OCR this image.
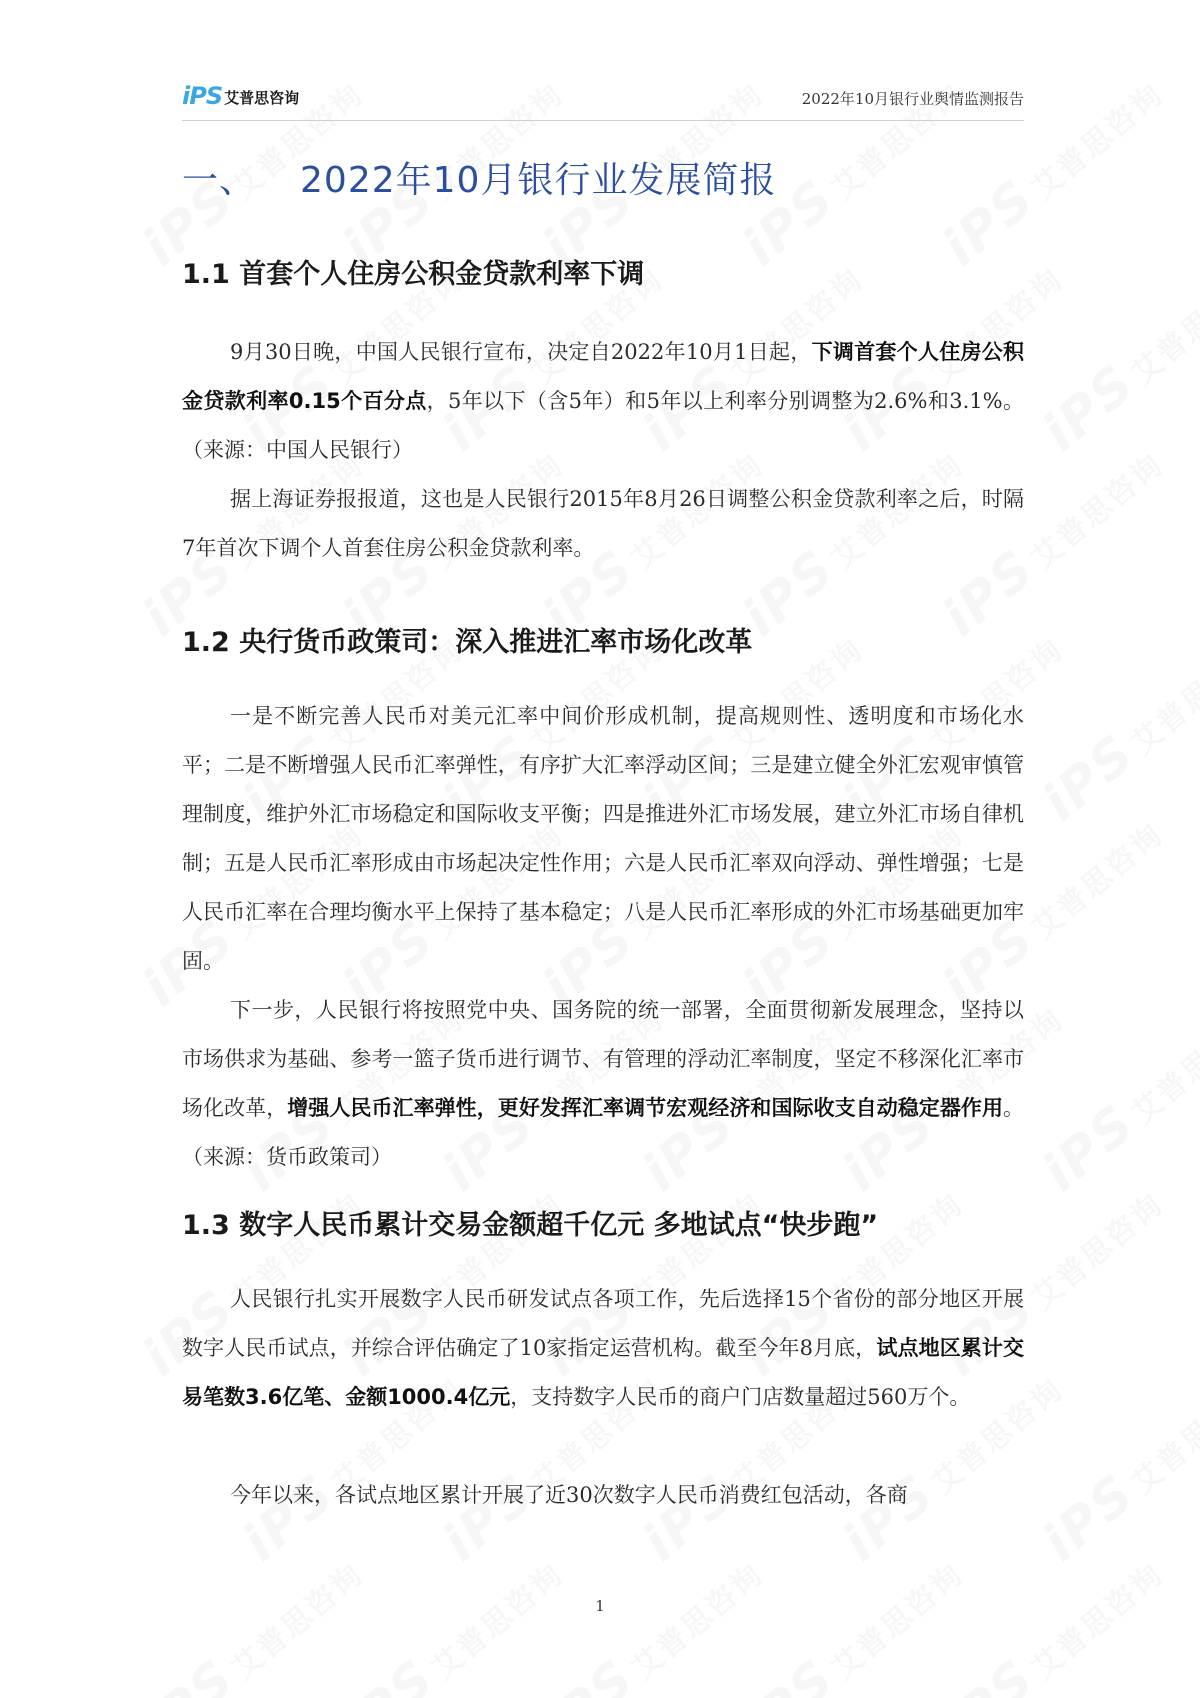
iPS 艾普思咨询	2022年10月银行业舆情监测报告
一、 2022年10月银行业发展简报
1.1 首套个人住房公积金贷款利率下调

9月30日晚，中国人民银行宣布，决定自2022年10月1日起，下调首套个人住房公积金贷款利率0.15个百分点，5年以下（含5年）和5年以上利率分别调整为2.6%和3.1%。（来源：中国人民银行）

据上海证券报报道，这也是人民银行2015年8月26日调整公积金贷款利率之后，时隔7年首次下调个人首套住房公积金贷款利率。

1.2 央行货币政策司：深入推进汇率市场化改革

一是不断完善人民币对美元汇率中间价形成机制，提高规则性、透明度和市场化水平；二是不断增强人民币汇率弹性，有序扩大汇率浮动区间；三是建立健全外汇宏观审慎管理制度，维护外汇市场稳定和国际收支平衡；四是推进外汇市场发展，建立外汇市场自律机制；五是人民币汇率形成由市场起决定性作用；六是人民币汇率双向浮动、弹性增强；七是人民币汇率在合理均衡水平上保持了基本稳定；八是人民币汇率形成的外汇市场基础更加牢固。

下一步，人民银行将按照党中央、国务院的统一部署，全面贯彻新发展理念，坚持以市场供求为基础、参考一篮子货币进行调节、有管理的浮动汇率制度，坚定不移深化汇率市场化改革，增强人民币汇率弹性，更好发挥汇率调节宏观经济和国际收支自动稳定器作用。（来源：货币政策司）

1.3 数字人民币累计交易金额超千亿元 多地试点“快步跑”

人民银行扎实开展数字人民币研发试点各项工作，先后选择15个省份的部分地区开展数字人民币试点，并综合评估确定了10家指定运营机构。截至今年8月底，试点地区累计交易笔数3.6亿笔、金额1000.4亿元，支持数字人民币的商户门店数量超过560万个。

今年以来，各试点地区累计开展了近30次数字人民币消费红包活动，各商

1
